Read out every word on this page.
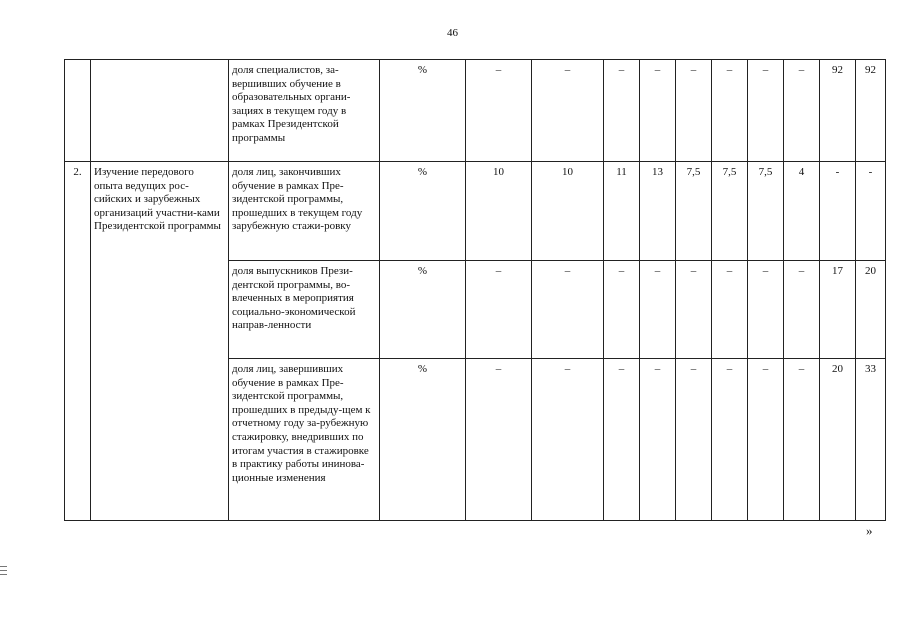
46
		доля специалистов, за-вершивших обучение в образовательных органи-зациях в текущем году в рамках Президентской программы	%	–	–	–	–	–	–	–	–	92	92
2.	Изучение передового опыта ведущих рос-сийских и зарубежных организаций участни-ками Президентской программы	доля лиц, закончивших обучение в рамках Пре-зидентской программы, прошедших в текущем году зарубежную стажи-ровку	%	10	10	11	13	7,5	7,5	7,5	4	-	-
		доля выпускников Прези-дентской программы, во-влеченных в мероприятия социально-экономической направ-ленности	%	–	–	–	–	–	–	–	–	17	20
		доля лиц, завершивших обучение в рамках Пре-зидентской программы, прошедших в предыду-щем к отчетному году за-рубежную стажировку, внедривших по итогам участия в стажировке в практику работы ининова-ционные изменения	%	–	–	–	–	–	–	–	–	20	33
»
